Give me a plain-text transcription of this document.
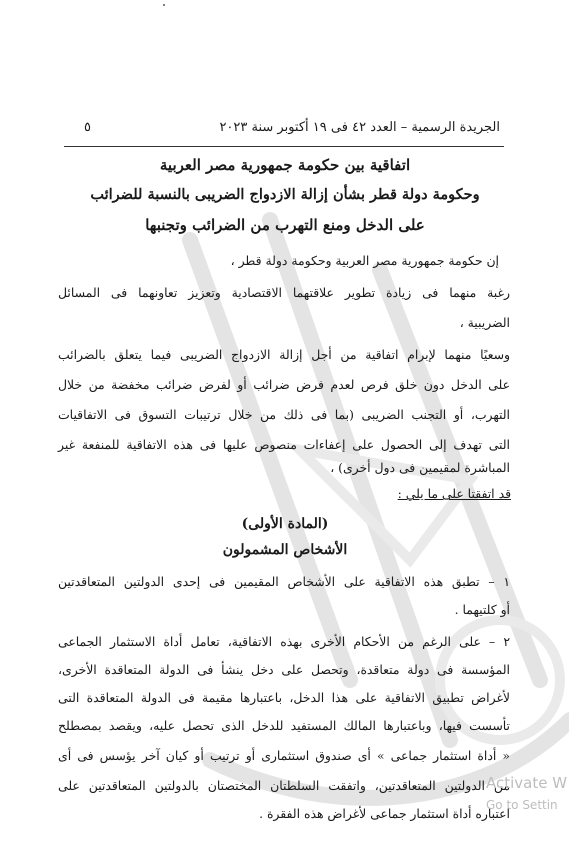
الجريدة الرسمية – العدد ٤٢ فى ١٩ أكتوبر سنة ٢٠٢٣
٥
اتفاقية بين حكومة جمهورية مصر العربية
وحكومة دولة قطر بشأن إزالة الازدواج الضريبى بالنسبة للضرائب
على الدخل ومنع التهرب من الضرائب وتجنبها
إن حكومة جمهورية مصر العربية وحكومة دولة قطر ،
رغبة منهما فى زيادة تطوير علاقتهما الاقتصادية وتعزيز تعاونهما فى المسائل
الضريبية ،
وسعيًا منهما لإبرام اتفاقية من أجل إزالة الازدواج الضريبى فيما يتعلق بالضرائب
على الدخل دون خلق فرص لعدم فرض ضرائب أو لفرض ضرائب مخفضة من خلال
التهرب، أو التجنب الضريبى (بما فى ذلك من خلال ترتيبات التسوق فى الاتفاقيات
التى تهدف إلى الحصول على إعفاءات منصوص عليها فى هذه الاتفاقية للمنفعة غير
المباشرة لمقيمين فى دول أخرى) ،
قد اتفقتا على ما يلي :
(المادة الأولى)
الأشخاص المشمولون
١ – تطبق هذه الاتفاقية على الأشخاص المقيمين فى إحدى الدولتين المتعاقدتين
أو كلتيهما .
٢ – على الرغم من الأحكام الأخرى بهذه الاتفاقية، تعامل أداة الاستثمار الجماعى
المؤسسة فى دولة متعاقدة، وتحصل على دخل ينشأ فى الدولة المتعاقدة الأخرى،
لأغراض تطبيق الاتفاقية على هذا الدخل، باعتبارها مقيمة فى الدولة المتعاقدة التى
تأسست فيها، وباعتبارها المالك المستفيد للدخل الذى تحصل عليه، ويقصد بمصطلح
« أداة استثمار جماعى » أى صندوق استثمارى أو ترتيب أو كيان آخر يؤسس فى أى
من الدولتين المتعاقدتين، واتفقت السلطتان المختصتان بالدولتين المتعاقدتين على
اعتباره أداة استثمار جماعى لأغراض هذه الفقرة .
Activate W
Go to Settin
